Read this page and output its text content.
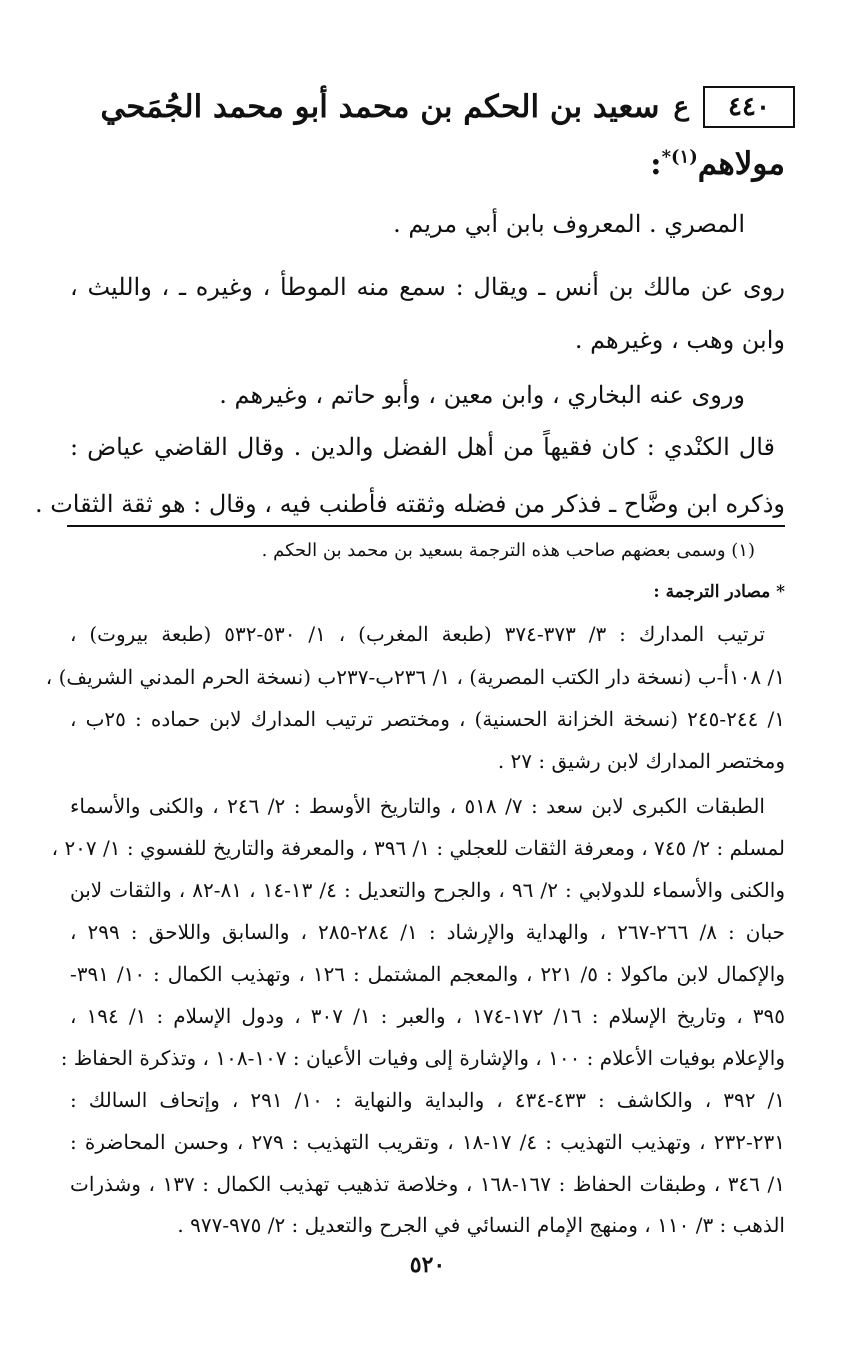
٤٤٠
ع
سعيد بن الحكم بن محمد أبو محمد الجُمَحي
مولاهم$^{(١)*}$:
المصري . المعروف بابن أبي مريم .
روى عن مالك بن أنس ـ ويقال : سمع منه الموطأ ، وغيره ـ ، والليث ،
وابن وهب ، وغيرهم .
وروى عنه البخاري ، وابن معين ، وأبو حاتم ، وغيرهم .
قال الكنْدي : كان فقيهاً من أهل الفضل والدين . وقال القاضي عياض :
وذكره ابن وضَّاح ـ فذكر من فضله وثقته فأطنب فيه ، وقال : هو ثقة الثقات .
(١) وسمى بعضهم صاحب هذه الترجمة بسعيد بن محمد بن الحكم .
* مصادر الترجمة :
ترتيب المدارك : ٣/ ٣٧٣-٣٧٤ (طبعة المغرب) ، ١/ ٥٣٠-٥٣٢ (طبعة بيروت) ،
١/ ١٠٨أ-ب (نسخة دار الكتب المصرية) ، ١/ ٢٣٦ب-٢٣٧ب (نسخة الحرم المدني الشريف) ،
١/ ٢٤٤-٢٤٥ (نسخة الخزانة الحسنية) ، ومختصر ترتيب المدارك لابن حماده : ٢٥ب ،
ومختصر المدارك لابن رشيق : ٢٧ .
الطبقات الكبرى لابن سعد : ٧/ ٥١٨ ، والتاريخ الأوسط : ٢/ ٢٤٦ ، والكنى والأسماء
لمسلم : ٢/ ٧٤٥ ، ومعرفة الثقات للعجلي : ١/ ٣٩٦ ، والمعرفة والتاريخ للفسوي : ١/ ٢٠٧ ،
والكنى والأسماء للدولابي : ٢/ ٩٦ ، والجرح والتعديل : ٤/ ١٣-١٤ ، ٨١-٨٢ ، والثقات لابن
حبان : ٨/ ٢٦٦-٢٦٧ ، والهداية والإرشاد : ١/ ٢٨٤-٢٨٥ ، والسابق واللاحق : ٢٩٩ ،
والإكمال لابن ماكولا : ٥/ ٢٢١ ، والمعجم المشتمل : ١٢٦ ، وتهذيب الكمال : ١٠/ ٣٩١-
٣٩٥ ، وتاريخ الإسلام : ١٦/ ١٧٢-١٧٤ ، والعبر : ١/ ٣٠٧ ، ودول الإسلام : ١/ ١٩٤ ،
والإعلام بوفيات الأعلام : ١٠٠ ، والإشارة إلى وفيات الأعيان : ١٠٧-١٠٨ ، وتذكرة الحفاظ :
١/ ٣٩٢ ، والكاشف : ٤٣٣-٤٣٤ ، والبداية والنهاية : ١٠/ ٢٩١ ، وإتحاف السالك :
٢٣١-٢٣٢ ، وتهذيب التهذيب : ٤/ ١٧-١٨ ، وتقريب التهذيب : ٢٧٩ ، وحسن المحاضرة :
١/ ٣٤٦ ، وطبقات الحفاظ : ١٦٧-١٦٨ ، وخلاصة تذهيب تهذيب الكمال : ١٣٧ ، وشذرات
الذهب : ٣/ ١١٠ ، ومنهج الإمام النسائي في الجرح والتعديل : ٢/ ٩٧٥-٩٧٧ .
٥٢٠
